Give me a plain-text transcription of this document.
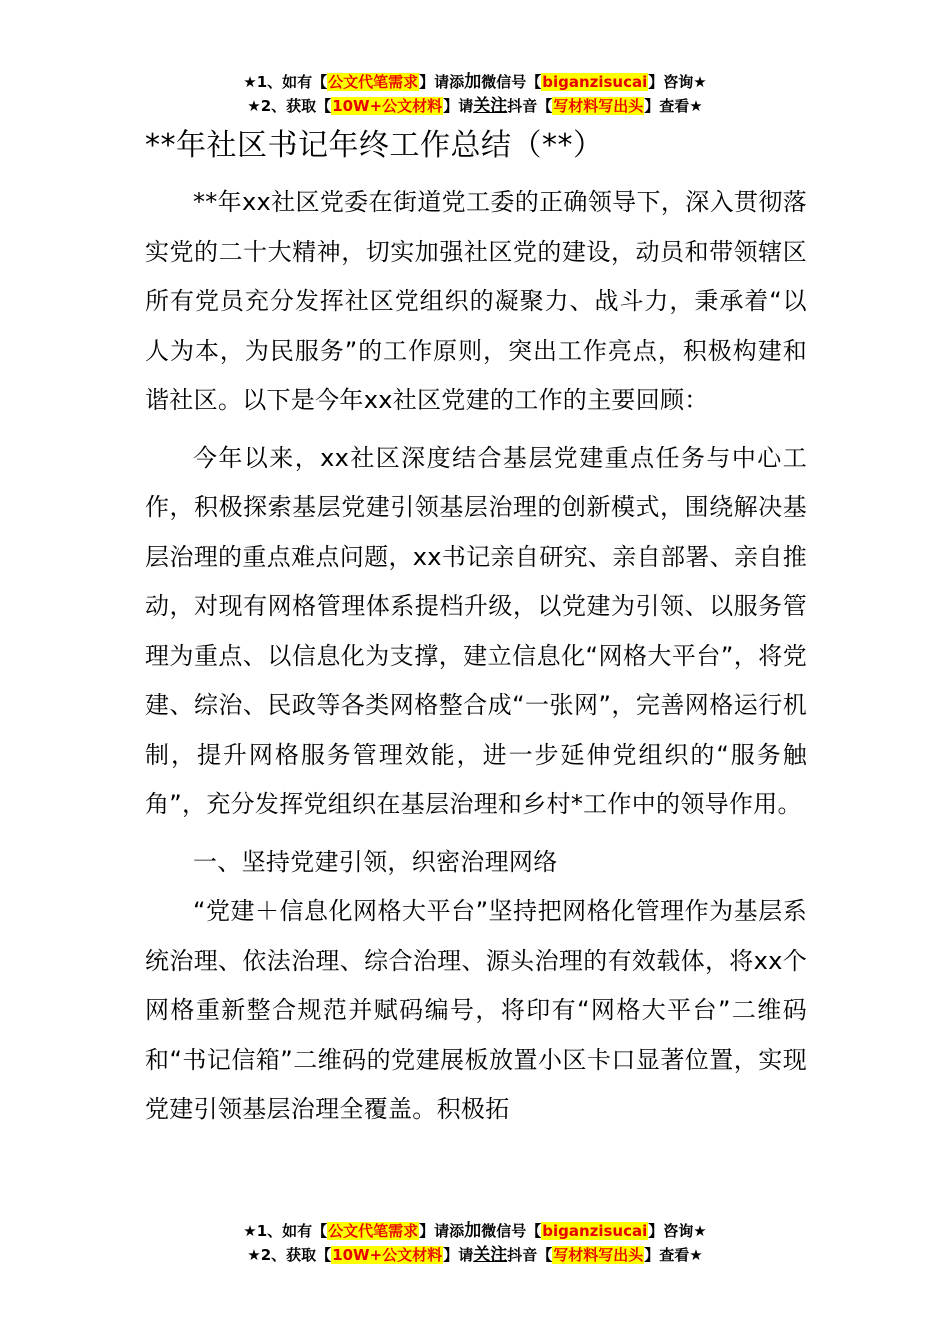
★1、如有【公文代笔需求】请添加微信号【biganzisucai】咨询★
★2、获取【10W+公文材料】请关注抖音【写材料写出头】查看★
**年社区书记年终工作总结（**）

**年xx社区党委在街道党工委的正确领导下，深入贯彻落实党的二十大精神，切实加强社区党的建设，动员和带领辖区所有党员充分发挥社区党组织的凝聚力、战斗力，秉承着“以人为本，为民服务”的工作原则，突出工作亮点，积极构建和谐社区。以下是今年xx社区党建的工作的主要回顾：

今年以来，xx社区深度结合基层党建重点任务与中心工作，积极探索基层党建引领基层治理的创新模式，围绕解决基层治理的重点难点问题，xx书记亲自研究、亲自部署、亲自推动，对现有网格管理体系提档升级，以党建为引领、以服务管理为重点、以信息化为支撑，建立信息化“网格大平台”，将党建、综治、民政等各类网格整合成“一张网”，完善网格运行机制，提升网格服务管理效能，进一步延伸党组织的“服务触角”，充分发挥党组织在基层治理和乡村*工作中的领导作用。

一、坚持党建引领，织密治理网络

“党建＋信息化网格大平台”坚持把网格化管理作为基层系统治理、依法治理、综合治理、源头治理的有效载体，将xx个网格重新整合规范并赋码编号，将印有“网格大平台”二维码和“书记信箱”二维码的党建展板放置小区卡口显著位置，实现党建引领基层治理全覆盖。积极拓

★1、如有【公文代笔需求】请添加微信号【biganzisucai】咨询★
★2、获取【10W+公文材料】请关注抖音【写材料写出头】查看★
